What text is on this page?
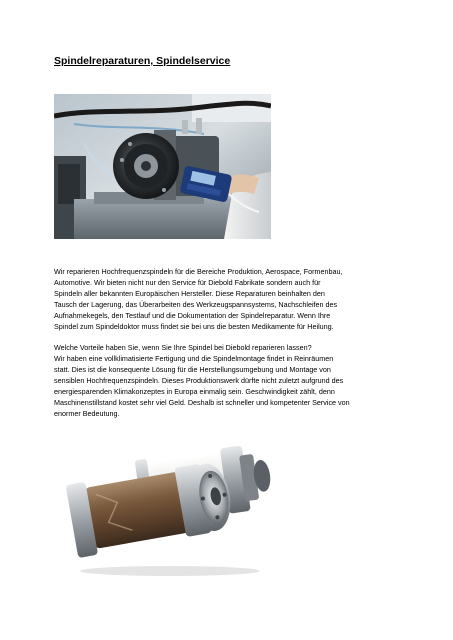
Spindelreparaturen, Spindelservice

Wir reparieren Hochfrequenzspindeln für die Bereiche Produktion, Aerospace, Formenbau,
Automotive. Wir bieten nicht nur den Service für Diebold Fabrikate sondern auch für
Spindeln aller bekannten Europäischen Hersteller. Diese Reparaturen beinhalten den
Tausch der Lagerung, das Überarbeiten des Werkzeugspannsystems, Nachschleifen des
Aufnahmekegels, den Testlauf und die Dokumentation der Spindelreparatur. Wenn Ihre
Spindel zum Spindeldoktor muss findet sie bei uns die besten Medikamente für Heilung.

Welche Vorteile haben Sie, wenn Sie Ihre Spindel bei Diebold reparieren lassen?
Wir haben eine vollklimatisierte Fertigung und die Spindelmontage findet in Reinräumen
statt. Dies ist die konsequente Lösung für die Herstellungsumgebung und Montage von
sensiblen Hochfrequenzspindeln. Dieses Produktionswerk dürfte nicht zuletzt aufgrund des
energiesparenden Klimakonzeptes in Europa einmalig sein. Geschwindigkeit zählt, denn
Maschinenstillstand kostet sehr viel Geld. Deshalb ist schneller und kompetenter Service von
enormer Bedeutung.
